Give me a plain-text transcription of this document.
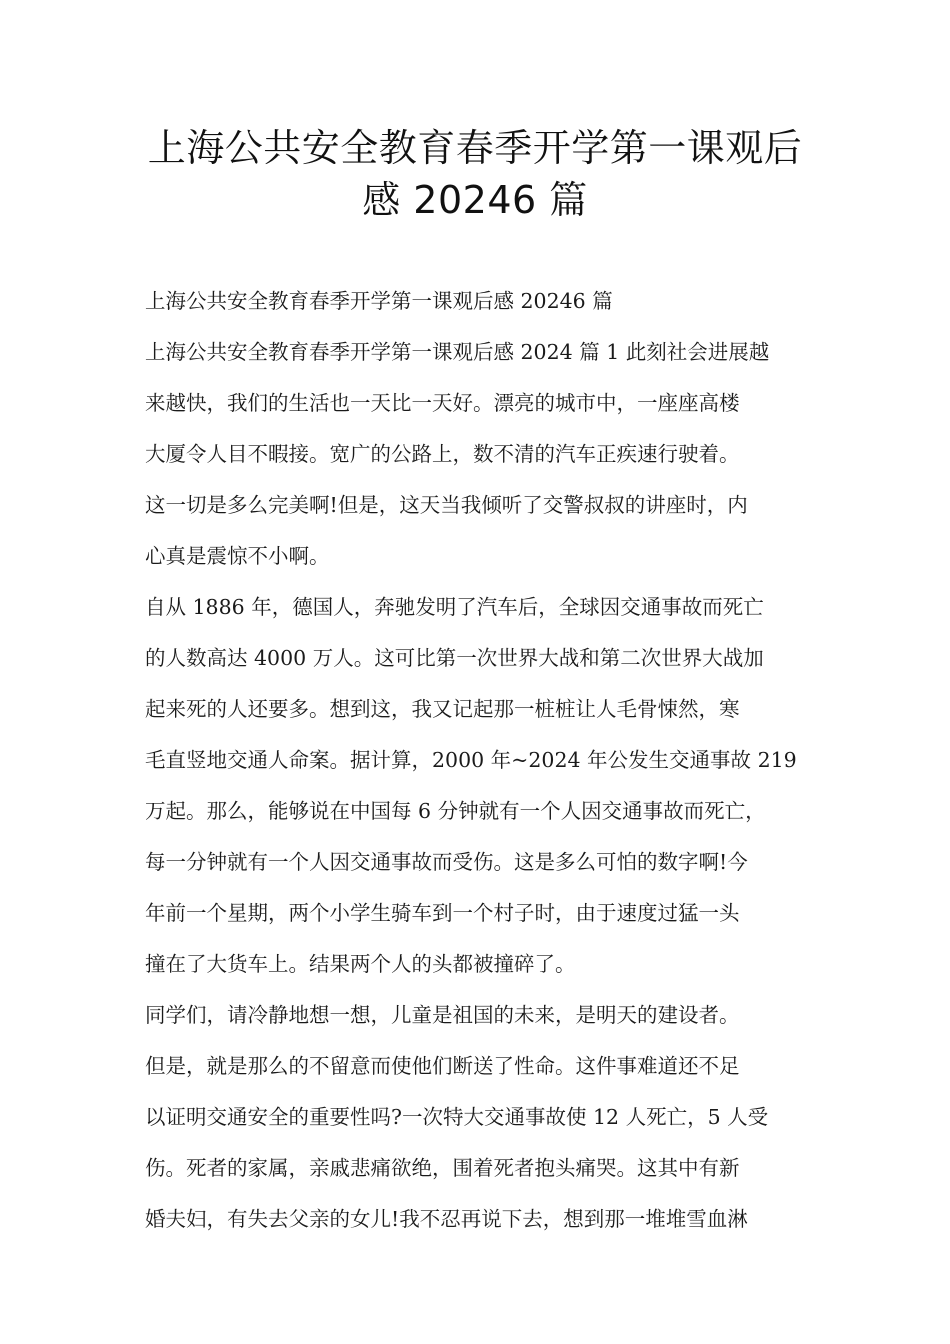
上海公共安全教育春季开学第一课观后
感 20246 篇
上海公共安全教育春季开学第一课观后感 20246 篇
上海公共安全教育春季开学第一课观后感 2024 篇 1 此刻社会进展越
来越快，我们的生活也一天比一天好。漂亮的城市中，一座座高楼
大厦令人目不暇接。宽广的公路上，数不清的汽车正疾速行驶着。
这一切是多么完美啊!但是，这天当我倾听了交警叔叔的讲座时，内
心真是震惊不小啊。
自从 1886 年，德国人，奔驰发明了汽车后，全球因交通事故而死亡
的人数高达 4000 万人。这可比第一次世界大战和第二次世界大战加
起来死的人还要多。想到这，我又记起那一桩桩让人毛骨悚然，寒
毛直竖地交通人命案。据计算，2000 年~2024 年公发生交通事故 219
万起。那么，能够说在中国每 6 分钟就有一个人因交通事故而死亡，
每一分钟就有一个人因交通事故而受伤。这是多么可怕的数字啊!今
年前一个星期，两个小学生骑车到一个村子时，由于速度过猛一头
撞在了大货车上。结果两个人的头都被撞碎了。
同学们，请冷静地想一想，儿童是祖国的未来，是明天的建设者。
但是，就是那么的不留意而使他们断送了性命。这件事难道还不足
以证明交通安全的重要性吗?一次特大交通事故使 12 人死亡，5 人受
伤。死者的家属，亲戚悲痛欲绝，围着死者抱头痛哭。这其中有新
婚夫妇，有失去父亲的女儿!我不忍再说下去，想到那一堆堆雪血淋
